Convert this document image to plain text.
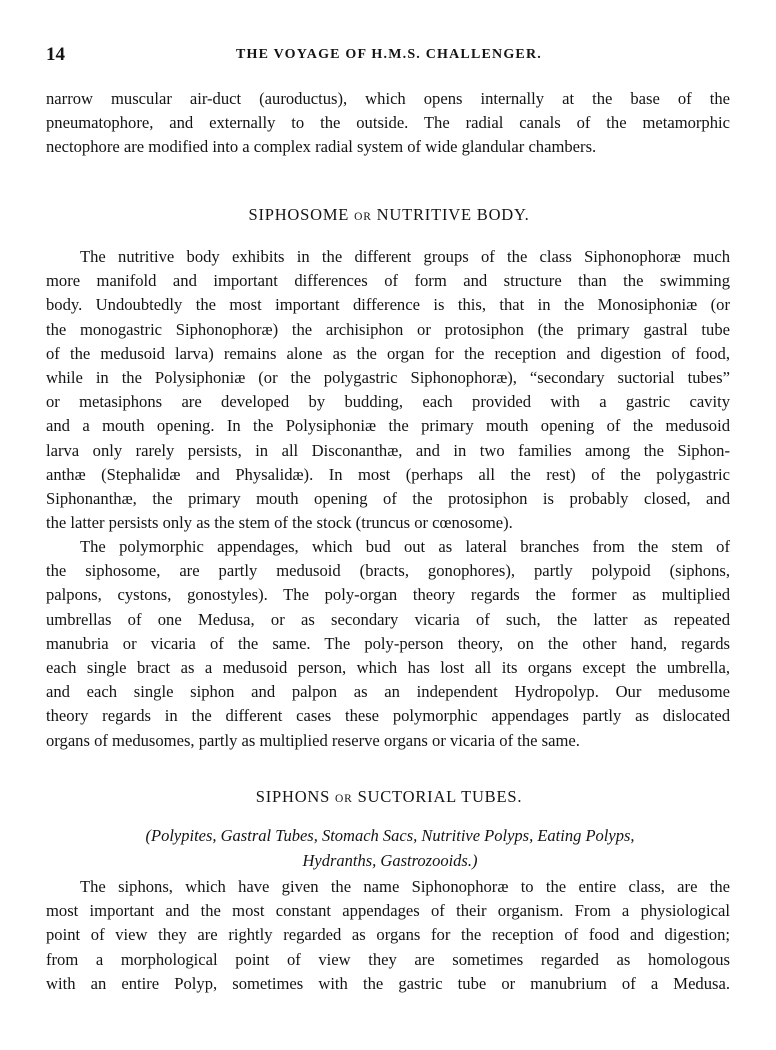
14	THE VOYAGE OF H.M.S. CHALLENGER.
narrow muscular air-duct (auroductus), which opens internally at the base of the
pneumatophore, and externally to the outside. The radial canals of the metamorphic
nectophore are modified into a complex radial system of wide glandular chambers.
SIPHOSOME OR NUTRITIVE BODY.
The nutritive body exhibits in the different groups of the class Siphonophoræ much
more manifold and important differences of form and structure than the swimming
body. Undoubtedly the most important difference is this, that in the Monosiphoniæ (or
the monogastric Siphonophoræ) the archisiphon or protosiphon (the primary gastral tube
of the medusoid larva) remains alone as the organ for the reception and digestion of food,
while in the Polysiphoniæ (or the polygastric Siphonophoræ), “secondary suctorial tubes”
or metasiphons are developed by budding, each provided with a gastric cavity
and a mouth opening. In the Polysiphoniæ the primary mouth opening of the medusoid
larva only rarely persists, in all Disconanthæ, and in two families among the Siphon-
anthæ (Stephalidæ and Physalidæ). In most (perhaps all the rest) of the polygastric
Siphonanthæ, the primary mouth opening of the protosiphon is probably closed, and
the latter persists only as the stem of the stock (truncus or cœnosome).
The polymorphic appendages, which bud out as lateral branches from the stem of
the siphosome, are partly medusoid (bracts, gonophores), partly polypoid (siphons,
palpons, cystons, gonostyles). The poly-organ theory regards the former as multiplied
umbrellas of one Medusa, or as secondary vicaria of such, the latter as repeated
manubria or vicaria of the same. The poly-person theory, on the other hand, regards
each single bract as a medusoid person, which has lost all its organs except the umbrella,
and each single siphon and palpon as an independent Hydropolyp. Our medusome
theory regards in the different cases these polymorphic appendages partly as dislocated
organs of medusomes, partly as multiplied reserve organs or vicaria of the same.
SIPHONS OR SUCTORIAL TUBES.
(Polypites, Gastral Tubes, Stomach Sacs, Nutritive Polyps, Eating Polyps,
Hydranths, Gastrozooids.)
The siphons, which have given the name Siphonophoræ to the entire class, are the
most important and the most constant appendages of their organism. From a physiological
point of view they are rightly regarded as organs for the reception of food and digestion;
from a morphological point of view they are sometimes regarded as homologous
with an entire Polyp, sometimes with the gastric tube or manubrium of a Medusa.
